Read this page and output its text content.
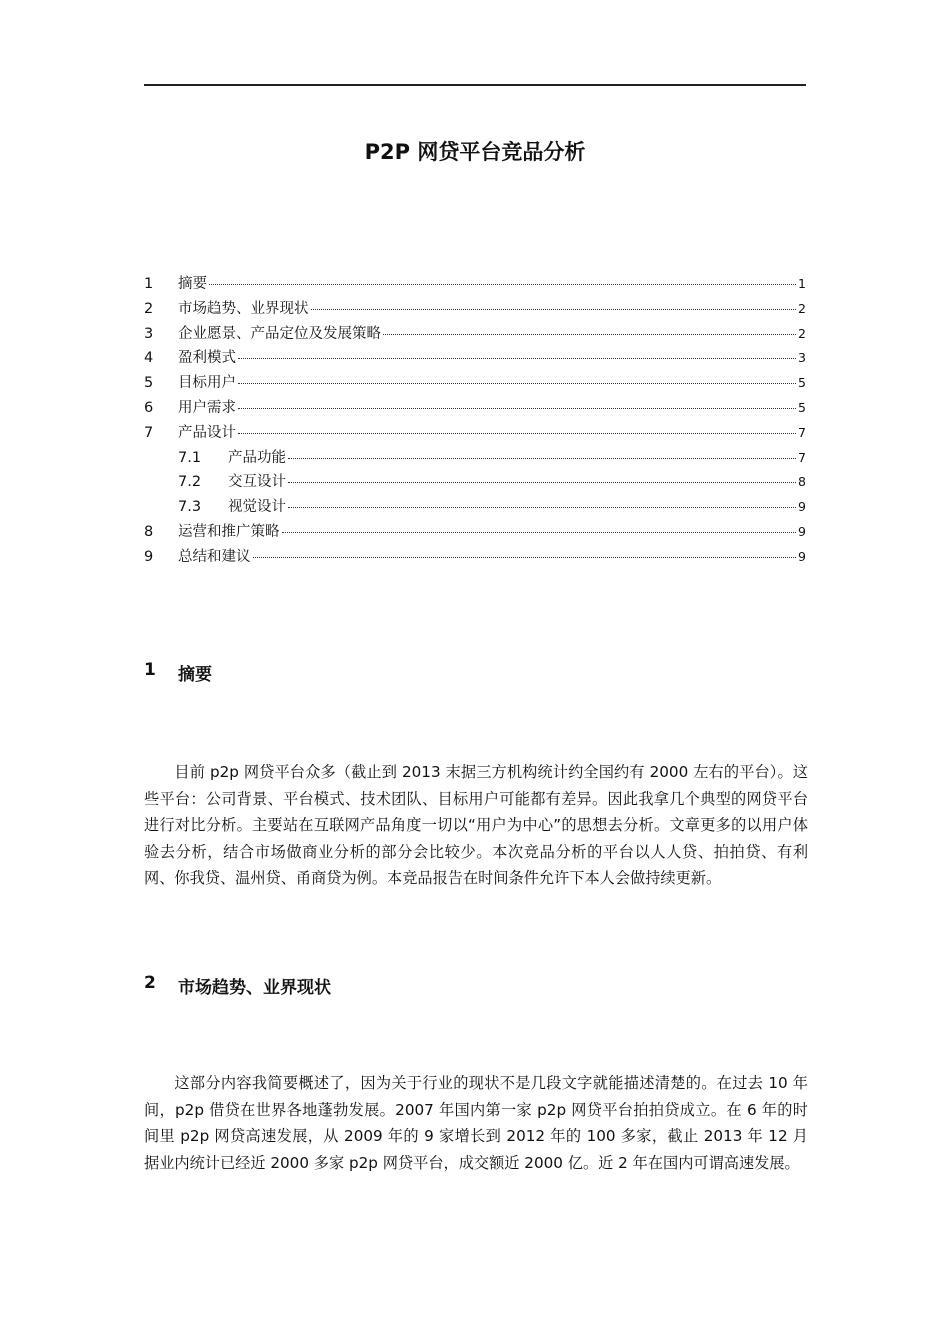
P2P 网贷平台竞品分析
1	摘要	1
2	市场趋势、业界现状	2
3	企业愿景、产品定位及发展策略	2
4	盈利模式	3
5	目标用户	5
6	用户需求	5
7	产品设计	7
7.1	产品功能	7
7.2	交互设计	8
7.3	视觉设计	9
8	运营和推广策略	9
9	总结和建议	9
1	摘要

目前 p2p 网贷平台众多（截止到 2013 末据三方机构统计约全国约有 2000 左右的平台）。这些平台：公司背景、平台模式、技术团队、目标用户可能都有差异。因此我拿几个典型的网贷平台进行对比分析。主要站在互联网产品角度一切以“用户为中心”的思想去分析。文章更多的以用户体验去分析，结合市场做商业分析的部分会比较少。本次竞品分析的平台以人人贷、拍拍贷、有利网、你我贷、温州贷、甬商贷为例。本竞品报告在时间条件允许下本人会做持续更新。

2	市场趋势、业界现状

这部分内容我简要概述了，因为关于行业的现状不是几段文字就能描述清楚的。在过去 10 年间，p2p 借贷在世界各地蓬勃发展。2007 年国内第一家 p2p 网贷平台拍拍贷成立。在 6 年的时间里 p2p 网贷高速发展，从 2009 年的 9 家增长到 2012 年的 100 多家，截止 2013 年 12 月据业内统计已经近 2000 多家 p2p 网贷平台，成交额近 2000 亿。近 2 年在国内可谓高速发展。
